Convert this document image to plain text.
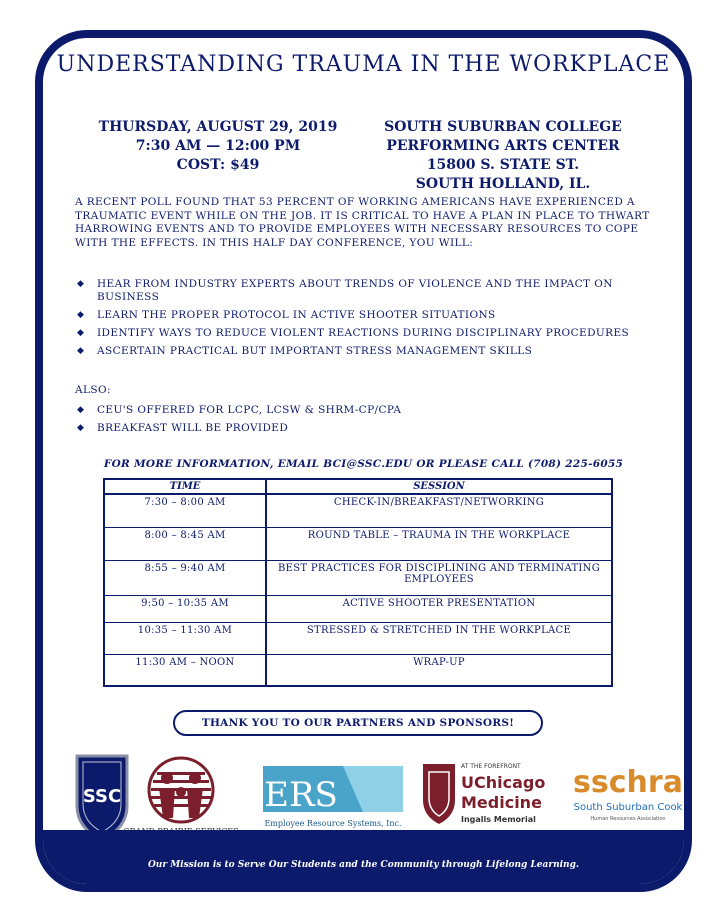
UNDERSTANDING TRAUMA IN THE WORKPLACE
THURSDAY, AUGUST 29, 2019
7:30 AM — 12:00 PM
COST: $49
SOUTH SUBURBAN COLLEGE
PERFORMING ARTS CENTER
15800 S. STATE ST.
SOUTH HOLLAND, IL.
A RECENT POLL FOUND THAT 53 PERCENT OF WORKING AMERICANS HAVE EXPERIENCED A TRAUMATIC EVENT WHILE ON THE JOB. IT IS CRITICAL TO HAVE A PLAN IN PLACE TO THWART HARROWING EVENTS AND TO PROVIDE EMPLOYEES WITH NECESSARY RESOURCES TO COPE WITH THE EFFECTS. IN THIS HALF DAY CONFERENCE, YOU WILL:
◆ HEAR FROM INDUSTRY EXPERTS ABOUT TRENDS OF VIOLENCE AND THE IMPACT ON BUSINESS
◆ LEARN THE PROPER PROTOCOL IN ACTIVE SHOOTER SITUATIONS
◆ IDENTIFY WAYS TO REDUCE VIOLENT REACTIONS DURING DISCIPLINARY PROCEDURES
◆ ASCERTAIN PRACTICAL BUT IMPORTANT STRESS MANAGEMENT SKILLS
ALSO:
◆ CEU'S OFFERED FOR LCPC, LCSW & SHRM-CP/CPA
◆ BREAKFAST WILL BE PROVIDED
FOR MORE INFORMATION, EMAIL BCI@SSC.EDU OR PLEASE CALL (708) 225-6055
TIME	SESSION
7:30 – 8:00 AM	CHECK-IN/BREAKFAST/NETWORKING
8:00 – 8:45 AM	ROUND TABLE – TRAUMA IN THE WORKPLACE
8:55 – 9:40 AM	BEST PRACTICES FOR DISCIPLINING AND TERMINATING EMPLOYEES
9:50 – 10:35 AM	ACTIVE SHOOTER PRESENTATION
10:35 – 11:30 AM	STRESSED & STRETCHED IN THE WORKPLACE
11:30 AM – NOON	WRAP-UP
THANK YOU TO OUR PARTNERS AND SPONSORS!
SSC	ERS
Employee Resource Systems, Inc.
AT THE FOREFRONT
UChicago
Medicine
Ingalls Memorial
sschra
South Suburban Cook
Human Resources Association
Our Mission is to Serve Our Students and the Community through Lifelong Learning.
